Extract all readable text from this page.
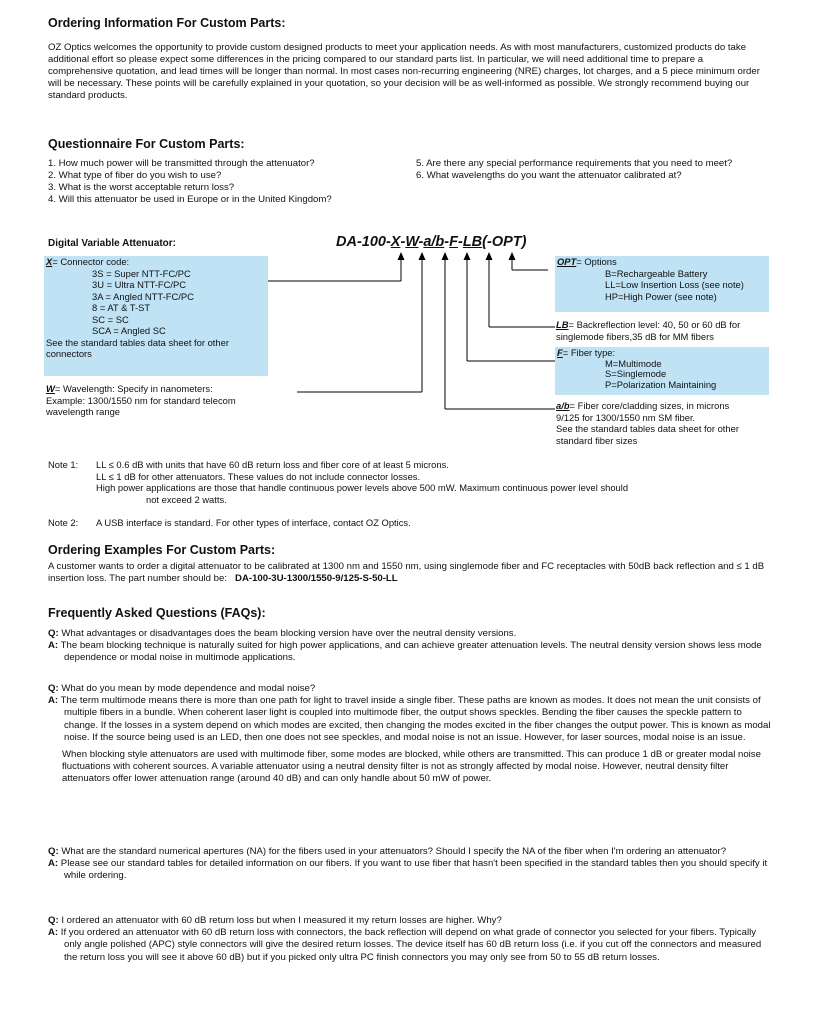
Ordering Information For Custom Parts:
OZ Optics welcomes the opportunity to provide custom designed products to meet your application needs. As with most manufacturers, customized products do take additional effort so please expect some differences in the pricing compared to our standard parts list. In particular, we will need additional time to prepare a comprehensive quotation, and lead times will be longer than normal. In most cases non-recurring engineering (NRE) charges, lot charges, and a 5 piece minimum order will be necessary. These points will be carefully explained in your quotation, so your decision will be as well-informed as possible. We strongly recommend buying our standard products.
Questionnaire For Custom Parts:
1. How much power will be transmitted through the attenuator?
2. What type of fiber do you wish to use?
3. What is the worst acceptable return loss?
4. Will this attenuator be used in Europe or in the United Kingdom?
5. Are there any special performance requirements that you need to meet?
6. What wavelengths do you want the attenuator calibrated at?
Digital Variable Attenuator:	DA-100-X-W-a/b-F-LB(-OPT)
X= Connector code:
3S = Super NTT-FC/PC
3U = Ultra NTT-FC/PC
3A = Angled NTT-FC/PC
8 = AT & T-ST
SC = SC
SCA = Angled SC
See the standard tables data sheet for other connectors
W= Wavelength: Specify in nanometers:
Example: 1300/1550 nm for standard telecom wavelength range
OPT= Options
B=Rechargeable Battery
LL=Low Insertion Loss (see note)
HP=High Power (see note)
LB= Backreflection level: 40, 50 or 60 dB for singlemode fibers,35 dB for MM fibers
F= Fiber type:
M=Multimode
S=Singlemode
P=Polarization Maintaining
a/b= Fiber core/cladding sizes, in microns
9/125 for 1300/1550 nm SM fiber.
See the standard tables data sheet for other standard fiber sizes
Note 1: LL ≤ 0.6 dB with units that have 60 dB return loss and fiber core of at least 5 microns.
LL ≤ 1 dB for other attenuators. These values do not include connector losses.
High power applications are those that handle continuous power levels above 500 mW. Maximum continuous power level should
not exceed 2 watts.
Note 2: A USB interface is standard. For other types of interface, contact OZ Optics.
Ordering Examples For Custom Parts:
A customer wants to order a digital attenuator to be calibrated at 1300 nm and 1550 nm, using singlemode fiber and FC receptacles with 50dB back reflection and ≤ 1 dB insertion loss. The part number should be: DA-100-3U-1300/1550-9/125-S-50-LL
Frequently Asked Questions (FAQs):
Q: What advantages or disadvantages does the beam blocking version have over the neutral density versions.
A: The beam blocking technique is naturally suited for high power applications, and can achieve greater attenuation levels. The neutral density version shows less mode dependence or modal noise in multimode applications.
Q: What do you mean by mode dependence and modal noise?
A: The term multimode means there is more than one path for light to travel inside a single fiber. These paths are known as modes. It does not mean the unit consists of multiple fibers in a bundle. When coherent laser light is coupled into multimode fiber, the output shows speckles. Bending the fiber causes the speckle pattern to change. If the losses in a system depend on which modes are excited, then changing the modes excited in the fiber changes the output power. This is known as modal noise. If the source being used is an LED, then one does not see speckles, and modal noise is not an issue. However, for laser sources, modal noise is an issue.
When blocking style attenuators are used with multimode fiber, some modes are blocked, while others are transmitted. This can produce 1 dB or greater modal noise fluctuations with coherent sources. A variable attenuator using a neutral density filter is not as strongly affected by modal noise. However, neutral density filter attenuators offer lower attenuation range (around 40 dB) and can only handle about 50 mW of power.
Q: What are the standard numerical apertures (NA) for the fibers used in your attenuators? Should I specify the NA of the fiber when I'm ordering an attenuator?
A: Please see our standard tables for detailed information on our fibers. If you want to use fiber that hasn't been specified in the standard tables then you should specify it while ordering.
Q: I ordered an attenuator with 60 dB return loss but when I measured it my return losses are higher. Why?
A: If you ordered an attenuator with 60 dB return loss with connectors, the back reflection will depend on what grade of connector you selected for your fibers. Typically only angle polished (APC) style connectors will give the desired return losses. The device itself has 60 dB return loss (i.e. if you cut off the connectors and measured the return loss you will see it above 60 dB) but if you picked only ultra PC finish connectors you may only see from 50 to 55 dB return losses.
